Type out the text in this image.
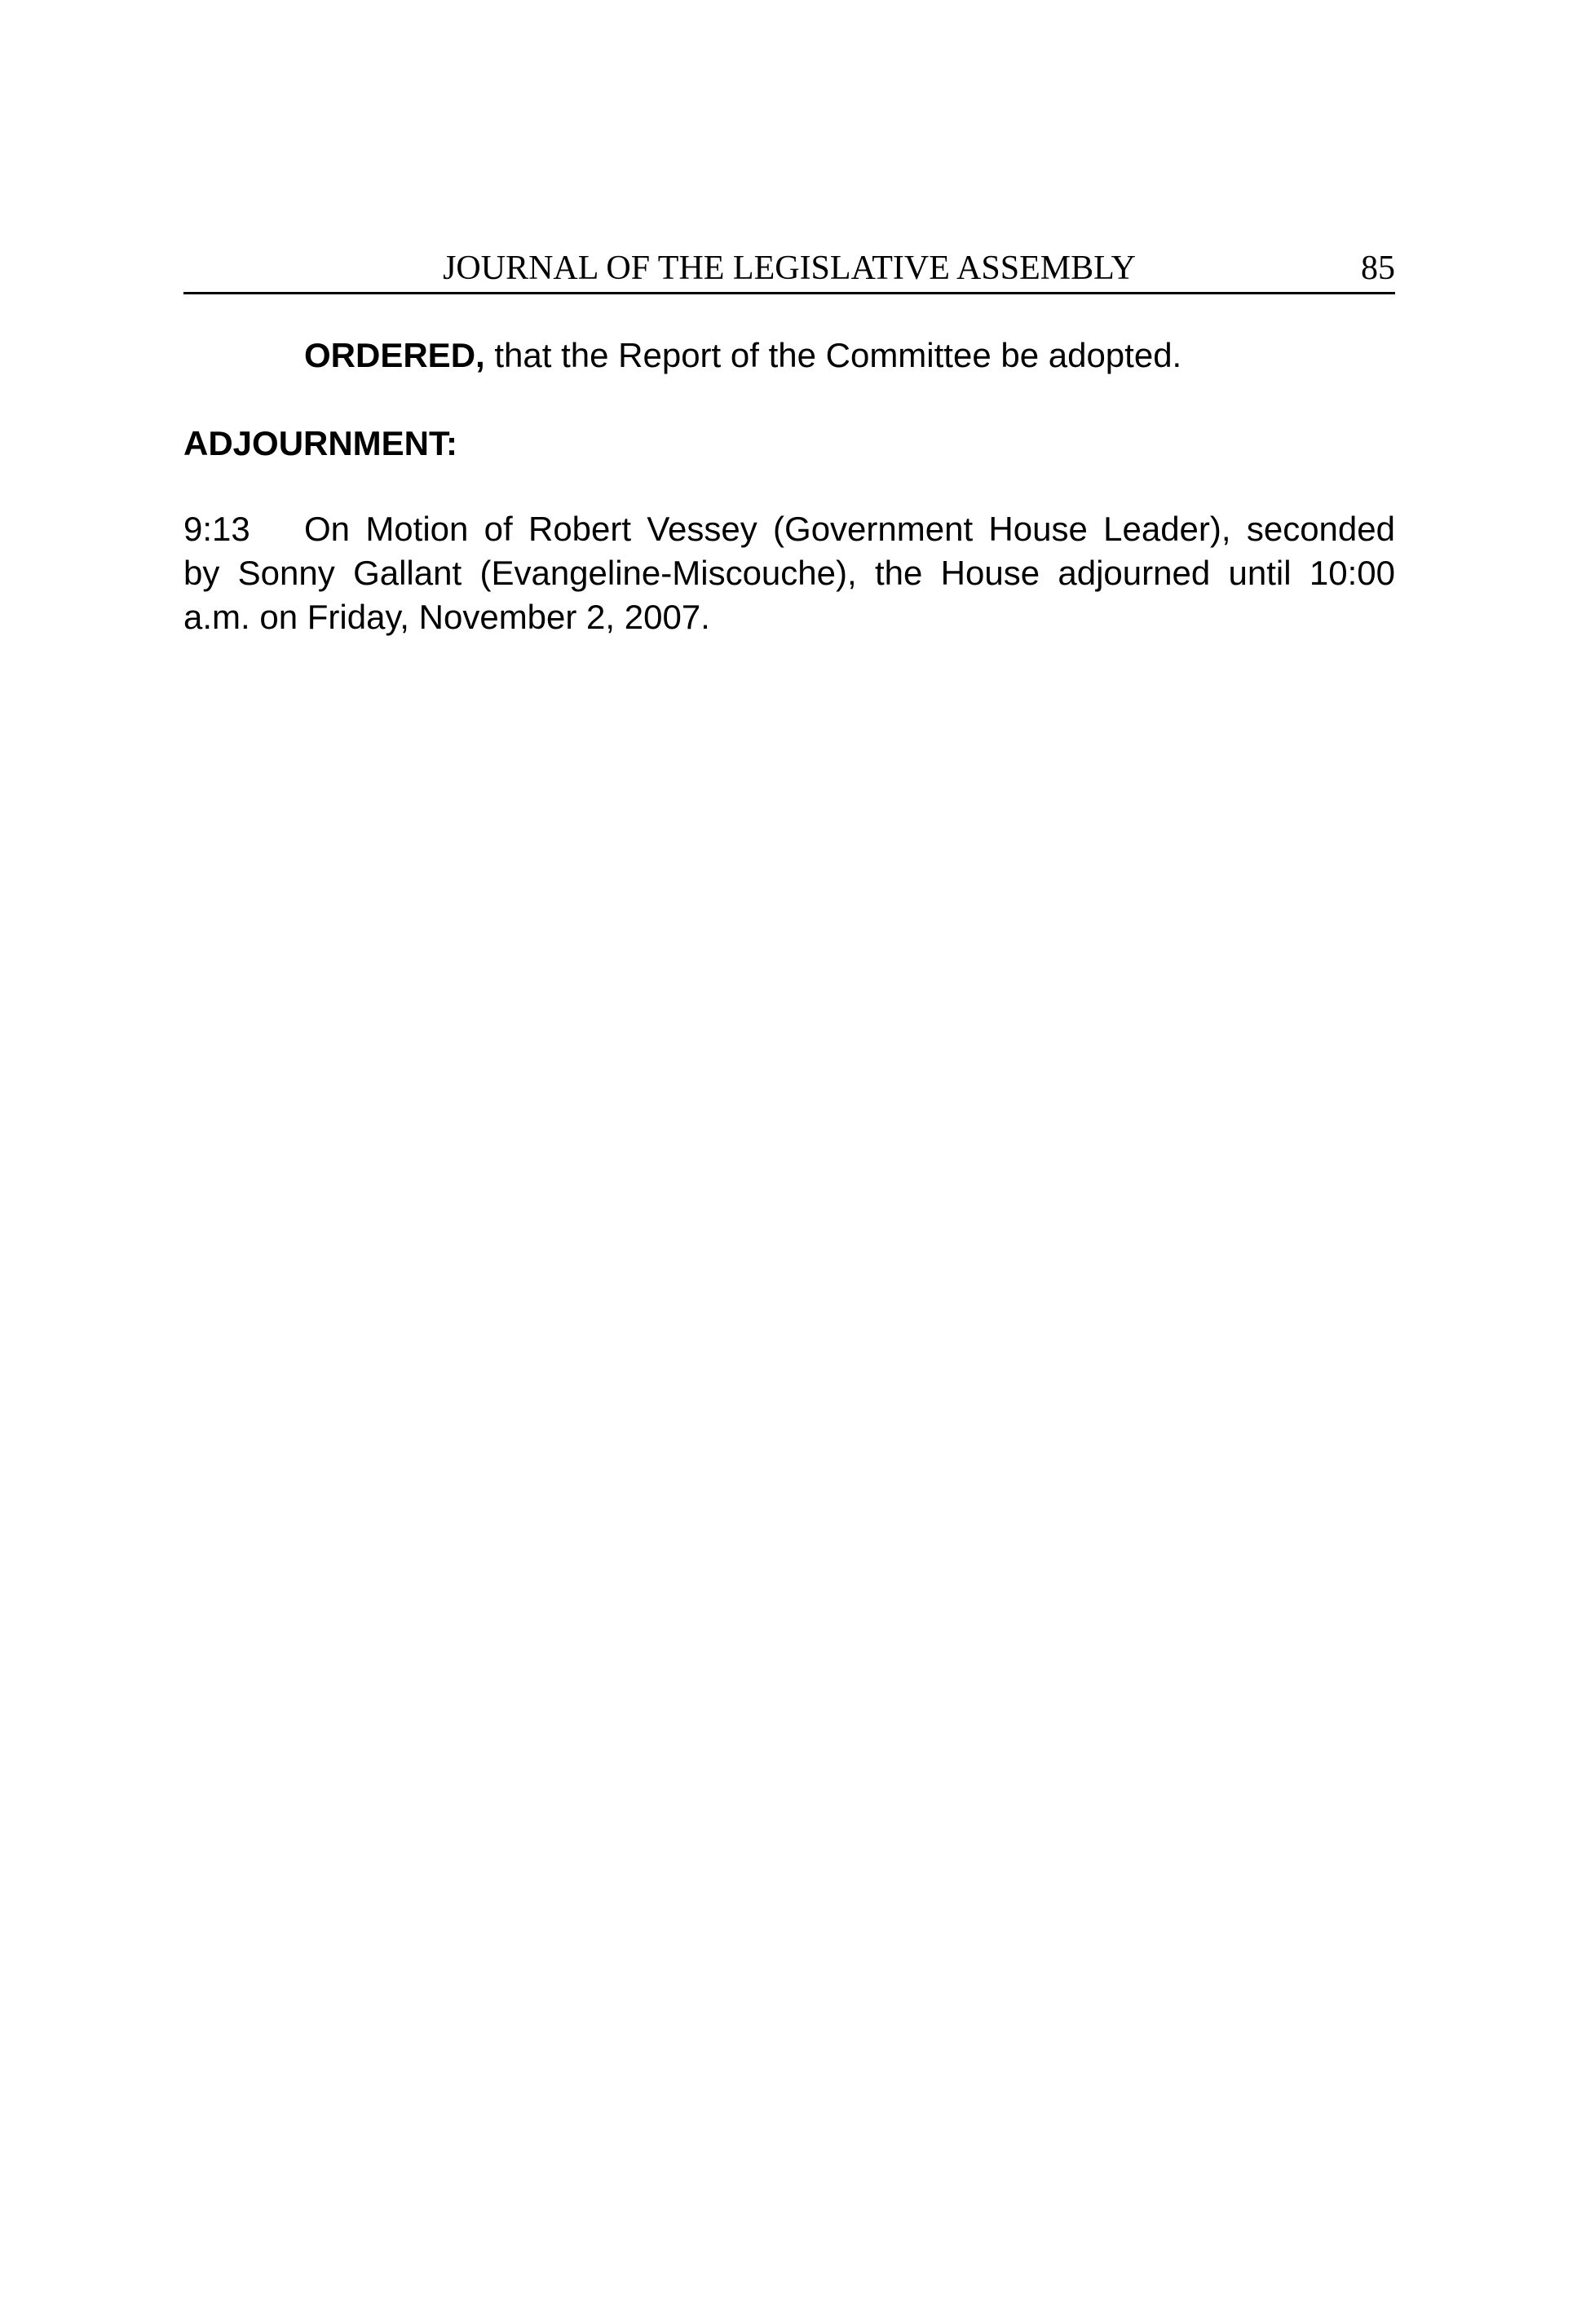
JOURNAL OF THE LEGISLATIVE ASSEMBLY	85
ORDERED, that the Report of the Committee be adopted.
ADJOURNMENT:
9:13 On Motion of Robert Vessey (Government House Leader), seconded
by Sonny Gallant (Evangeline-Miscouche), the House adjourned until 10:00
a.m. on Friday, November 2, 2007.
